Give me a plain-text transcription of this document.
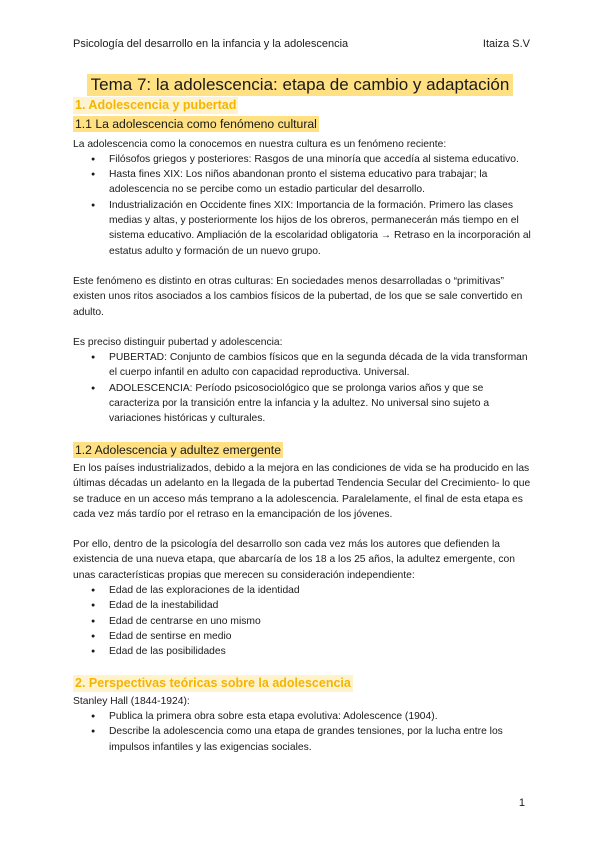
Psicología del desarrollo en la infancia y la adolescencia	Itaiza S.V
Tema 7: la adolescencia: etapa de cambio y adaptación
1. Adolescencia y pubertad
1.1 La adolescencia como fenómeno cultural

La adolescencia como la conocemos en nuestra cultura es un fenómeno reciente:

● Filósofos griegos y posteriores: Rasgos de una minoría que accedía al sistema educativo.
● Hasta fines XIX: Los niños abandonan pronto el sistema educativo para trabajar; la adolescencia no se percibe como un estadio particular del desarrollo.
● Industrialización en Occidente fines XIX: Importancia de la formación. Primero las clases medias y altas, y posteriormente los hijos de los obreros, permanecerán más tiempo en el sistema educativo. Ampliación de la escolaridad obligatoria → Retraso en la incorporación al estatus adulto y formación de un nuevo grupo.

Este fenómeno es distinto en otras culturas: En sociedades menos desarrolladas o “primitivas” existen unos ritos asociados a los cambios físicos de la pubertad, de los que se sale convertido en adulto.

Es preciso distinguir pubertad y adolescencia:

● PUBERTAD: Conjunto de cambios físicos que en la segunda década de la vida transforman el cuerpo infantil en adulto con capacidad reproductiva. Universal.
● ADOLESCENCIA: Período psicosociológico que se prolonga varios años y que se caracteriza por la transición entre la infancia y la adultez. No universal sino sujeto a variaciones históricas y culturales.
1.2 Adolescencia y adultez emergente

En los países industrializados, debido a la mejora en las condiciones de vida se ha producido en las últimas décadas un adelanto en la llegada de la pubertad Tendencia Secular del Crecimiento- lo que se traduce en un acceso más temprano a la adolescencia. Paralelamente, el final de esta etapa es cada vez más tardío por el retraso en la emancipación de los jóvenes.

Por ello, dentro de la psicología del desarrollo son cada vez más los autores que defienden la existencia de una nueva etapa, que abarcaría de los 18 a los 25 años, la adultez emergente, con unas características propias que merecen su consideración independiente:

● Edad de las exploraciones de la identidad
● Edad de la inestabilidad
● Edad de centrarse en uno mismo
● Edad de sentirse en medio
● Edad de las posibilidades
2. Perspectivas teóricas sobre la adolescencia

Stanley Hall (1844-1924):

● Publica la primera obra sobre esta etapa evolutiva: Adolescence (1904).
● Describe la adolescencia como una etapa de grandes tensiones, por la lucha entre los impulsos infantiles y las exigencias sociales.
1
